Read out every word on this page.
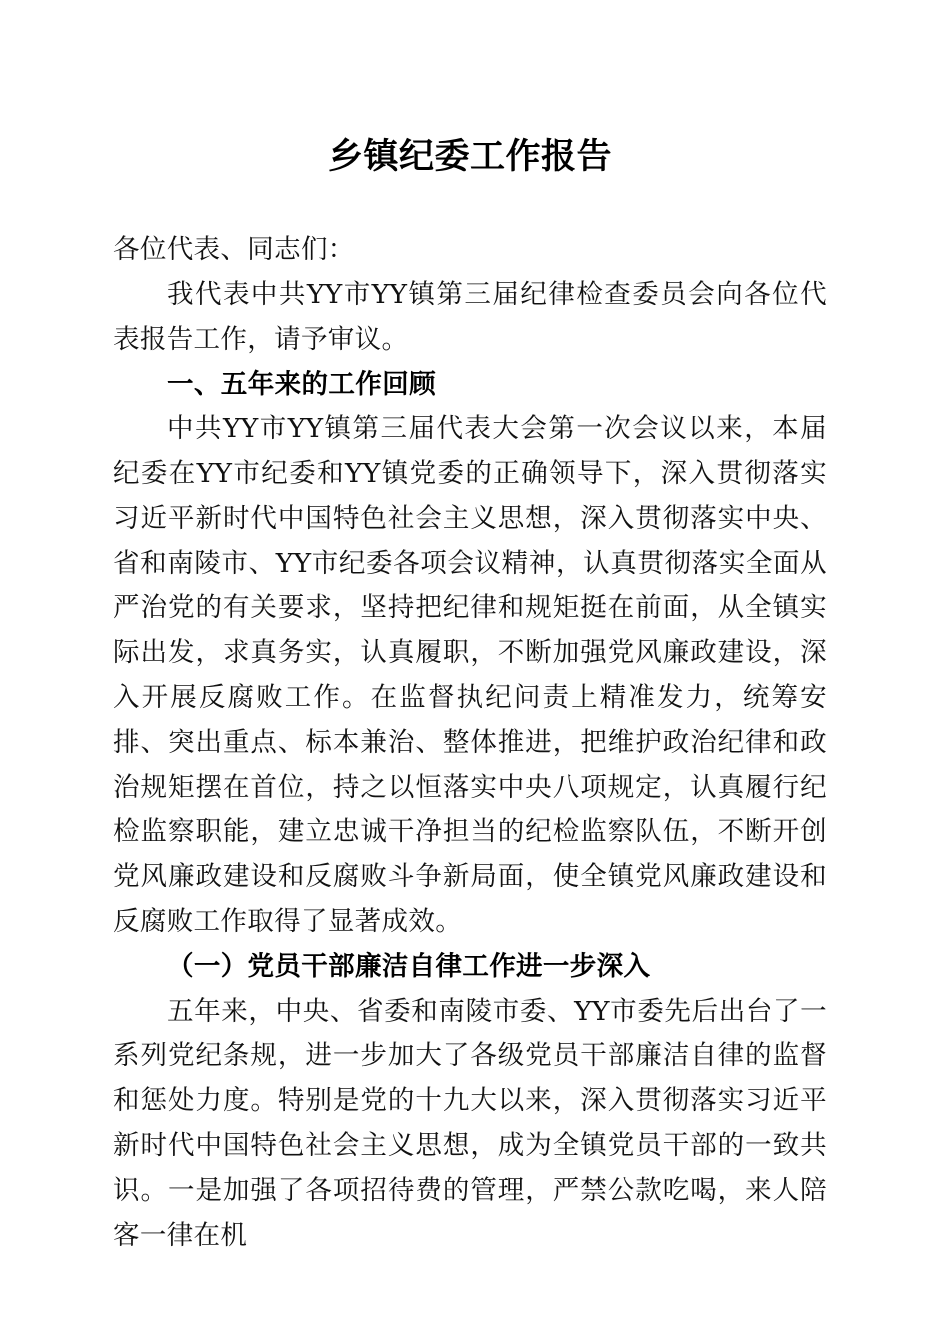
乡镇纪委工作报告

各位代表、同志们：

我代表中共YY市YY镇第三届纪律检查委员会向各位代表报告工作，请予审议。

一、五年来的工作回顾

中共YY市YY镇第三届代表大会第一次会议以来，本届纪委在YY市纪委和YY镇党委的正确领导下，深入贯彻落实习近平新时代中国特色社会主义思想，深入贯彻落实中央、省和南陵市、YY市纪委各项会议精神，认真贯彻落实全面从严治党的有关要求，坚持把纪律和规矩挺在前面，从全镇实际出发，求真务实，认真履职，不断加强党风廉政建设，深入开展反腐败工作。在监督执纪问责上精准发力，统筹安排、突出重点、标本兼治、整体推进，把维护政治纪律和政治规矩摆在首位，持之以恒落实中央八项规定，认真履行纪检监察职能，建立忠诚干净担当的纪检监察队伍，不断开创党风廉政建设和反腐败斗争新局面，使全镇党风廉政建设和反腐败工作取得了显著成效。

（一）党员干部廉洁自律工作进一步深入

五年来，中央、省委和南陵市委、YY市委先后出台了一系列党纪条规，进一步加大了各级党员干部廉洁自律的监督和惩处力度。特别是党的十九大以来，深入贯彻落实习近平新时代中国特色社会主义思想，成为全镇党员干部的一致共识。一是加强了各项招待费的管理，严禁公款吃喝，来人陪客一律在机
